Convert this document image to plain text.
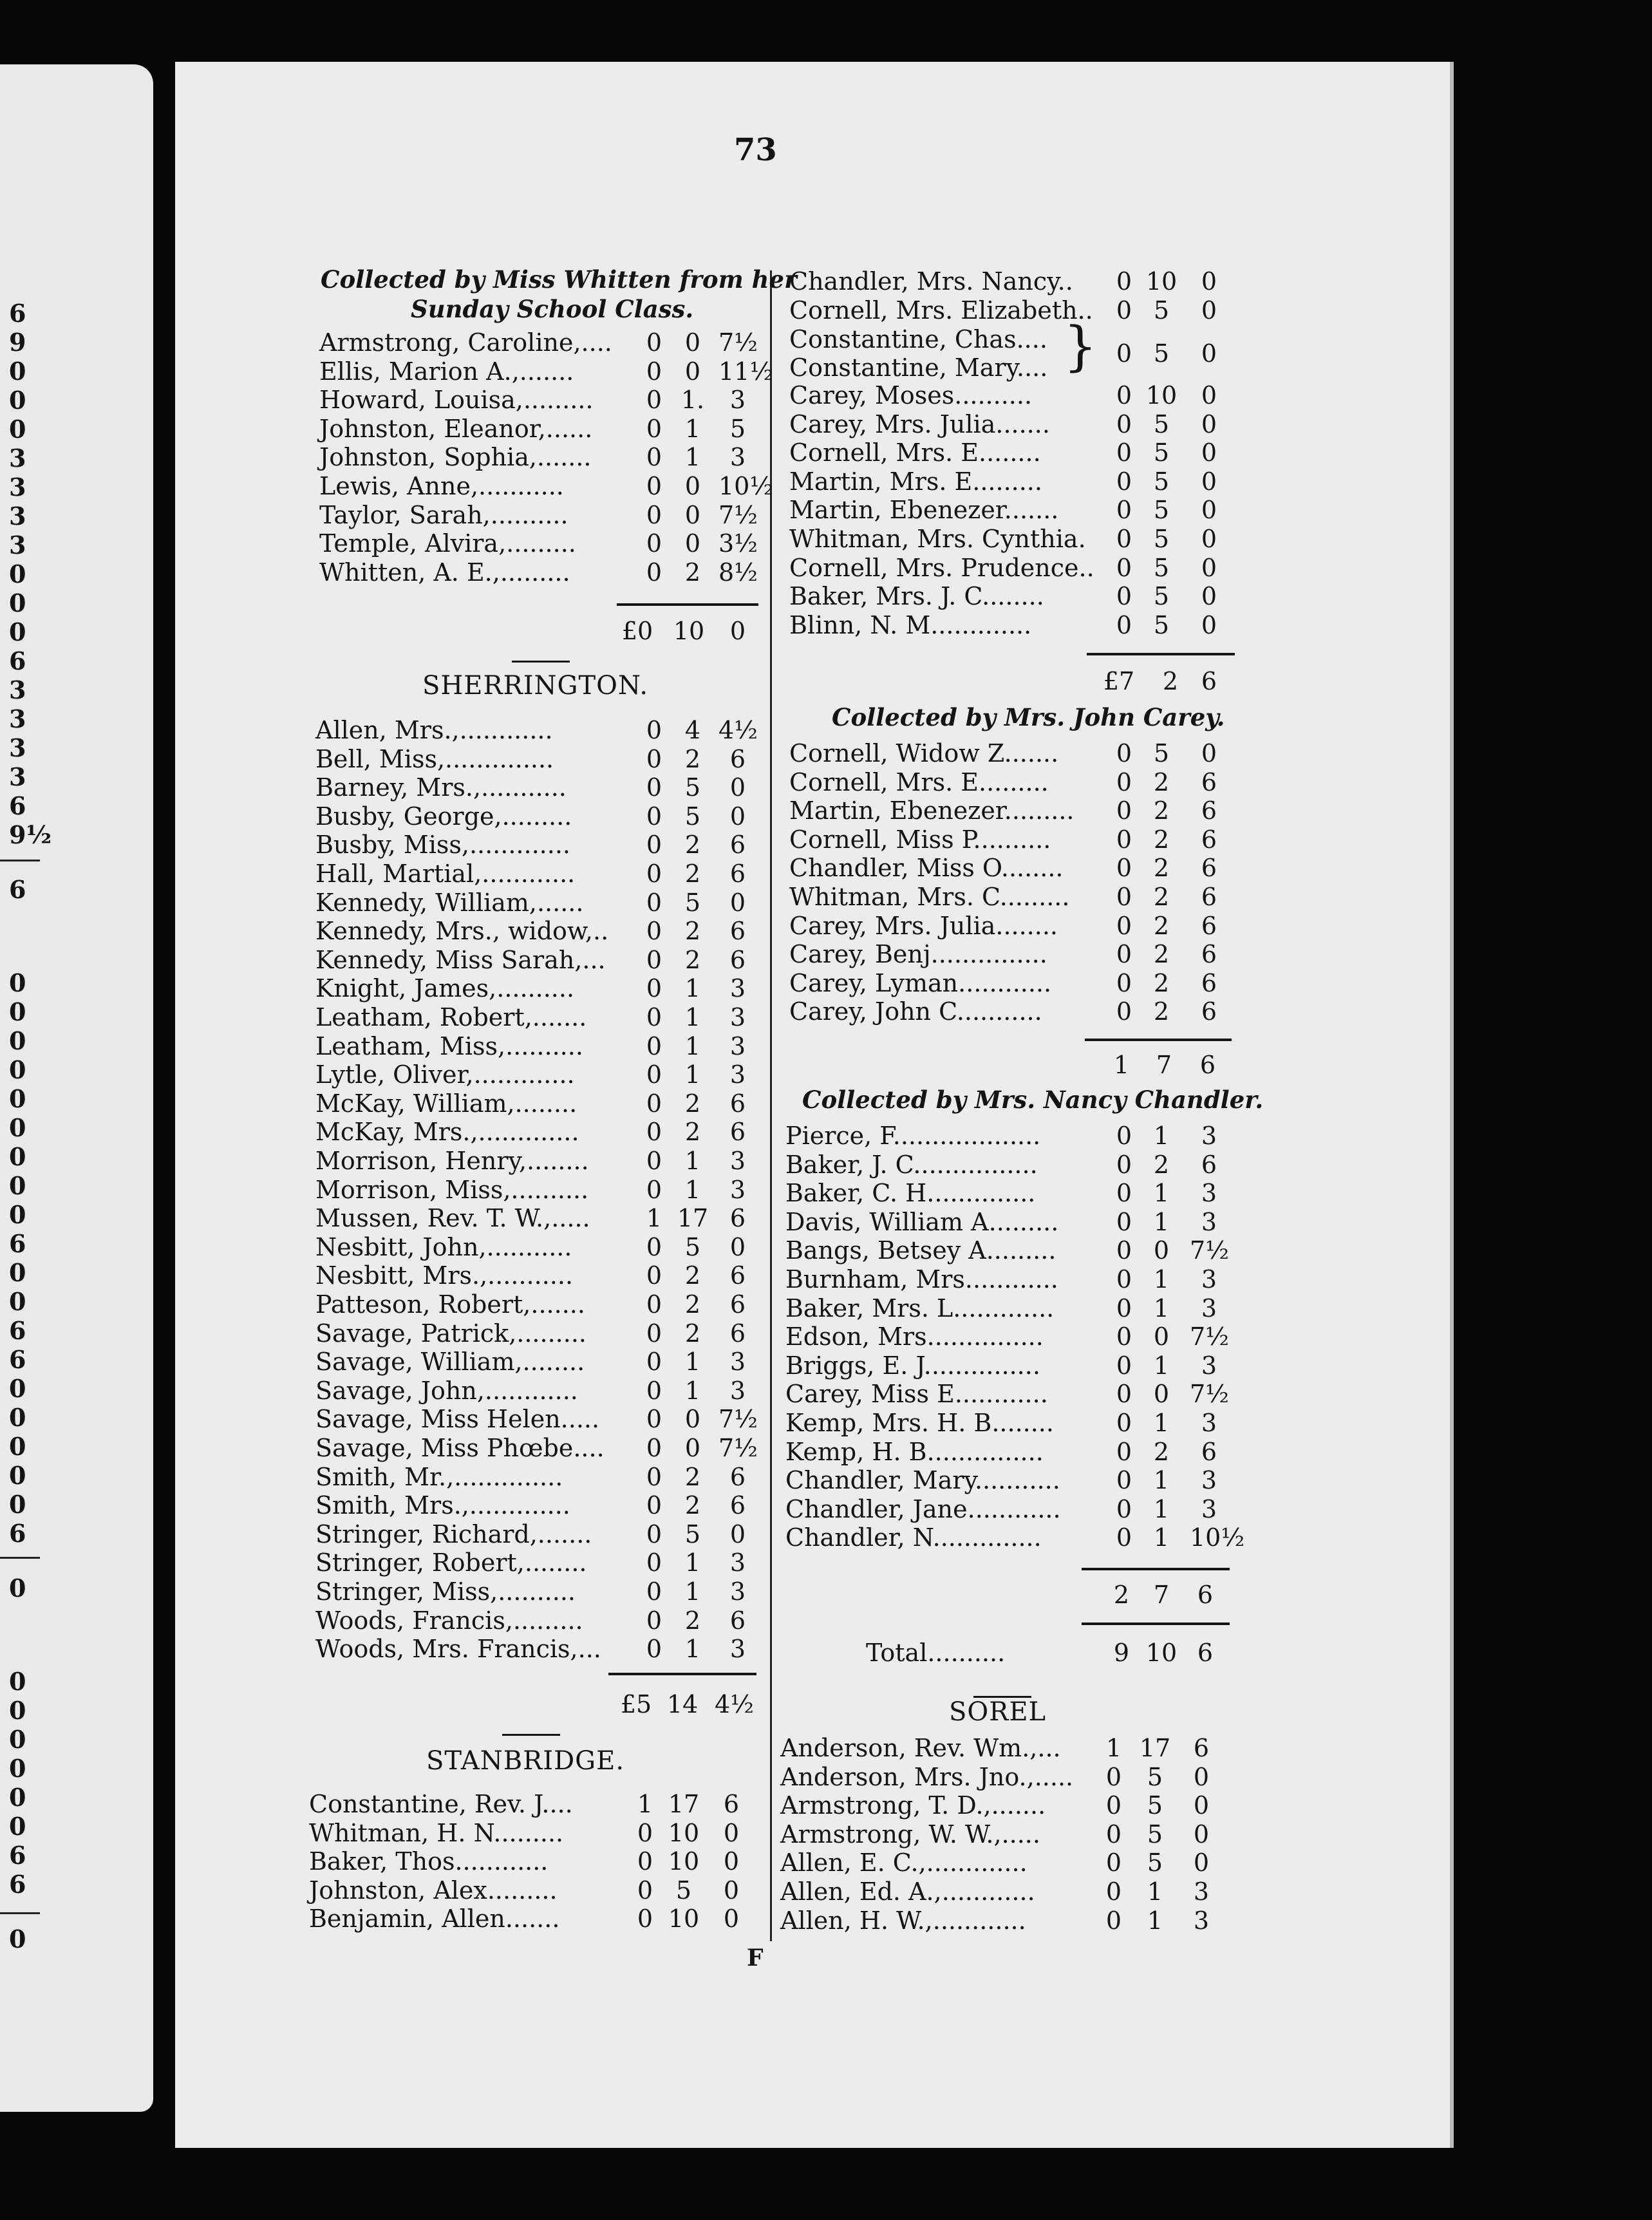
6
9
0
0
0
3
3
3
3
0
0
0
6
3
3
3
3
6
9½
6
0
0
0
0
0
0
0
0
0
6
0
0
6
6
0
0
0
0
0
6
0
0
0
0
0
0
0
6
6
0
73
Collected by Miss Whitten from her
Sunday School Class.
Armstrong, Caroline,....	0 0 7½
Ellis, Marion A.,.......	0 0 11½
Howard, Louisa,.........	0 1.	3
Johnston, Eleanor,......	0 1	5
Johnston, Sophia,.......	0 1	3
Lewis, Anne,...........	0 0 10½
Taylor, Sarah,..........	0 0 7½
Temple, Alvira,.........	0 0 3½
Whitten, A. E.,.........	0 2 8½
£0 10	0
SHERRINGTON.
Allen, Mrs.,............	0 4 4½
Bell, Miss,..............	0 2	6
Barney, Mrs.,...........	0 5	0
Busby, George,.........	0 5	0
Busby, Miss,.............	0 2	6
Hall, Martial,............	0 2	6
Kennedy, William,......	0 5	0
Kennedy, Mrs., widow,..	0 2	6
Kennedy, Miss Sarah,...	0 2	6
Knight, James,..........	0 1	3
Leatham, Robert,.......	0 1	3
Leatham, Miss,..........	0 1	3
Lytle, Oliver,.............	0 1	3
McKay, William,........	0 2	6
McKay, Mrs.,.............	0 2	6
Morrison, Henry,........	0 1	3
Morrison, Miss,..........	0 1	3
Mussen, Rev. T. W.,.....	1 17 6
Nesbitt, John,...........	0 5	0
Nesbitt, Mrs.,...........	0 2	6
Patteson, Robert,.......	0 2	6
Savage, Patrick,.........	0 2	6
Savage, William,........	0 1	3
Savage, John,............	0 1	3
Savage, Miss Helen.....	0 0 7½
Savage, Miss Phœbe....	0 0 7½
Smith, Mr.,..............	0 2	6
Smith, Mrs.,.............	0 2	6
Stringer, Richard,.......	0 5	0
Stringer, Robert,........	0 1	3
Stringer, Miss,..........	0 1	3
Woods, Francis,.........	0 2	6
Woods, Mrs. Francis,...	0 1	3
£5 14 4½
STANBRIDGE.
Constantine, Rev. J....	1 17 6
Whitman, H. N.........	0 10 0
Baker, Thos............	0 10 0
Johnston, Alex.........	0 5	0
Benjamin, Allen.......	0 10 0
F
Chandler, Mrs. Nancy..	0 10 0
Cornell, Mrs. Elizabeth.. 0 5	0
Constantine, Chas....
Constantine, Mary.... } 0 5	0
Carey, Moses..........	0 10 0
Carey, Mrs. Julia.......	0 5	0
Cornell, Mrs. E........	0 5	0
Martin, Mrs. E.........	0 5	0
Martin, Ebenezer.......	0 5	0
Whitman, Mrs. Cynthia.	0 5	0
Cornell, Mrs. Prudence.. 0 5	0
Baker, Mrs. J. C........	0 5	0
Blinn, N. M.............	0 5	0
£7	2 6
Collected by Mrs. John Carey.
Cornell, Widow Z.......	0 5	0
Cornell, Mrs. E.........	0 2	6
Martin, Ebenezer.........	0 2	6
Cornell, Miss P..........	0 2	6
Chandler, Miss O........	0 2	6
Whitman, Mrs. C.........	0 2	6
Carey, Mrs. Julia........	0 2	6
Carey, Benj...............	0 2	6
Carey, Lyman............	0 2	6
Carey, John C...........	0 2	6
1	7	6
Collected by Mrs. Nancy Chandler.
Pierce, F...................	0 1	3
Baker, J. C................	0 2	6
Baker, C. H..............	0 1	3
Davis, William A.........	0 1	3
Bangs, Betsey A.........	0 0 7½
Burnham, Mrs............	0 1	3
Baker, Mrs. L.............	0 1	3
Edson, Mrs...............	0 0 7½
Briggs, E. J...............	0 1	3
Carey, Miss E............	0 0 7½
Kemp, Mrs. H. B........	0 1	3
Kemp, H. B...............	0 2	6
Chandler, Mary...........	0 1	3
Chandler, Jane............	0 1	3
Chandler, N..............	0 1 10½
2 7	6
Total..........	9 10 6
SOREL
Anderson, Rev. Wm.,...	1 17 6
Anderson, Mrs. Jno.,.....	0	5	0
Armstrong, T. D.,.......	0	5	0
Armstrong, W. W.,.....	0	5	0
Allen, E. C.,.............	0	5	0
Allen, Ed. A.,............	0	1	3
Allen, H. W.,............	0	1	3
